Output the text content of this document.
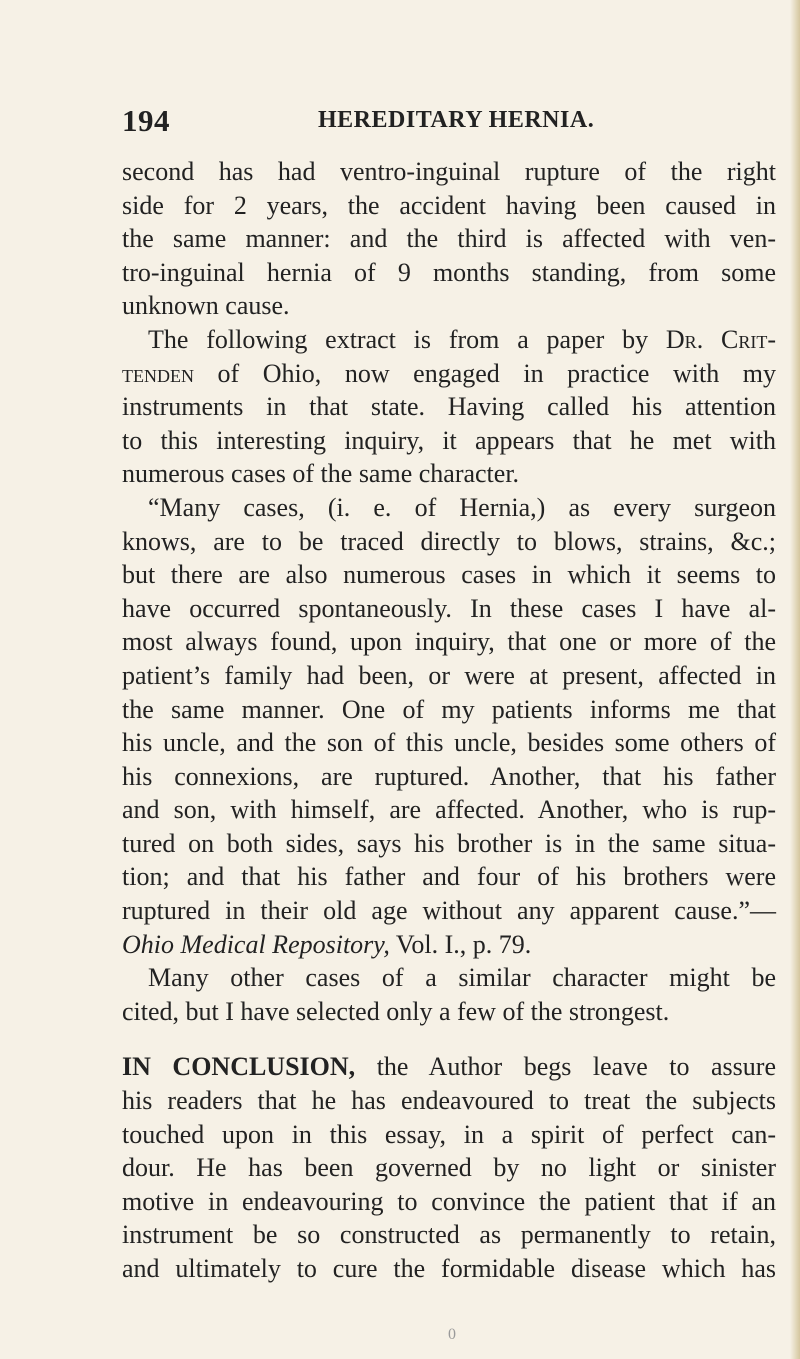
194	HEREDITARY HERNIA.
second has had ventro-inguinal rupture of the right
side for 2 years, the accident having been caused in
the same manner: and the third is affected with ven-
tro-inguinal hernia of 9 months standing, from some
unknown cause.
The following extract is from a paper by Dr. Crit-
tenden of Ohio, now engaged in practice with my
instruments in that state. Having called his attention
to this interesting inquiry, it appears that he met with
numerous cases of the same character.
“Many cases, (i. e. of Hernia,) as every surgeon
knows, are to be traced directly to blows, strains, &c.;
but there are also numerous cases in which it seems to
have occurred spontaneously. In these cases I have al-
most always found, upon inquiry, that one or more of the
patient’s family had been, or were at present, affected in
the same manner. One of my patients informs me that
his uncle, and the son of this uncle, besides some others of
his connexions, are ruptured. Another, that his father
and son, with himself, are affected. Another, who is rup-
tured on both sides, says his brother is in the same situa-
tion; and that his father and four of his brothers were
ruptured in their old age without any apparent cause.”—
Ohio Medical Repository, Vol. I., p. 79.
Many other cases of a similar character might be
cited, but I have selected only a few of the strongest.
IN CONCLUSION, the Author begs leave to assure
his readers that he has endeavoured to treat the subjects
touched upon in this essay, in a spirit of perfect can-
dour. He has been governed by no light or sinister
motive in endeavouring to convince the patient that if an
instrument be so constructed as permanently to retain,
and ultimately to cure the formidable disease which has
0
